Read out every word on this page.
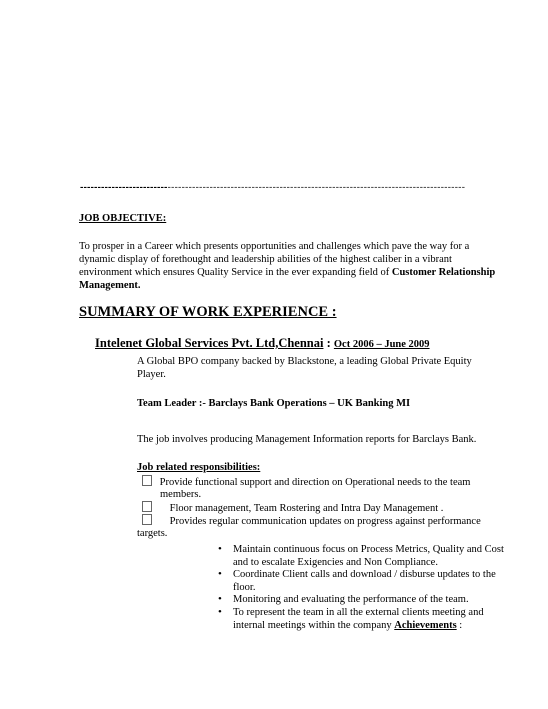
--------------------------------------------------------------------------------------------------------------
JOB OBJECTIVE:
To prosper in a Career which presents opportunities and challenges which pave the way for a dynamic display of forethought and leadership abilities of the highest caliber in a vibrant environment which ensures Quality Service in the ever expanding field of Customer Relationship Management.
SUMMARY OF WORK EXPERIENCE :
Intelenet Global Services Pvt. Ltd,Chennai : Oct 2006 – June 2009
A Global BPO company backed by Blackstone, a leading Global Private Equity
Player.
Team Leader :- Barclays Bank Operations – UK Banking MI
The job involves producing Management Information reports for Barclays Bank.
Job related responsibilities:
Provide functional support and direction on Operational needs to the team
members.
Floor management, Team Rostering and Intra Day Management .
Provides regular communication updates on progress against performance
targets.
• Maintain continuous focus on Process Metrics, Quality and Cost
and to escalate Exigencies and Non Compliance.
• Coordinate Client calls and download / disburse updates to the
floor.
• Monitoring and evaluating the performance of the team.
• To represent the team in all the external clients meeting and
internal meetings within the company Achievements :
